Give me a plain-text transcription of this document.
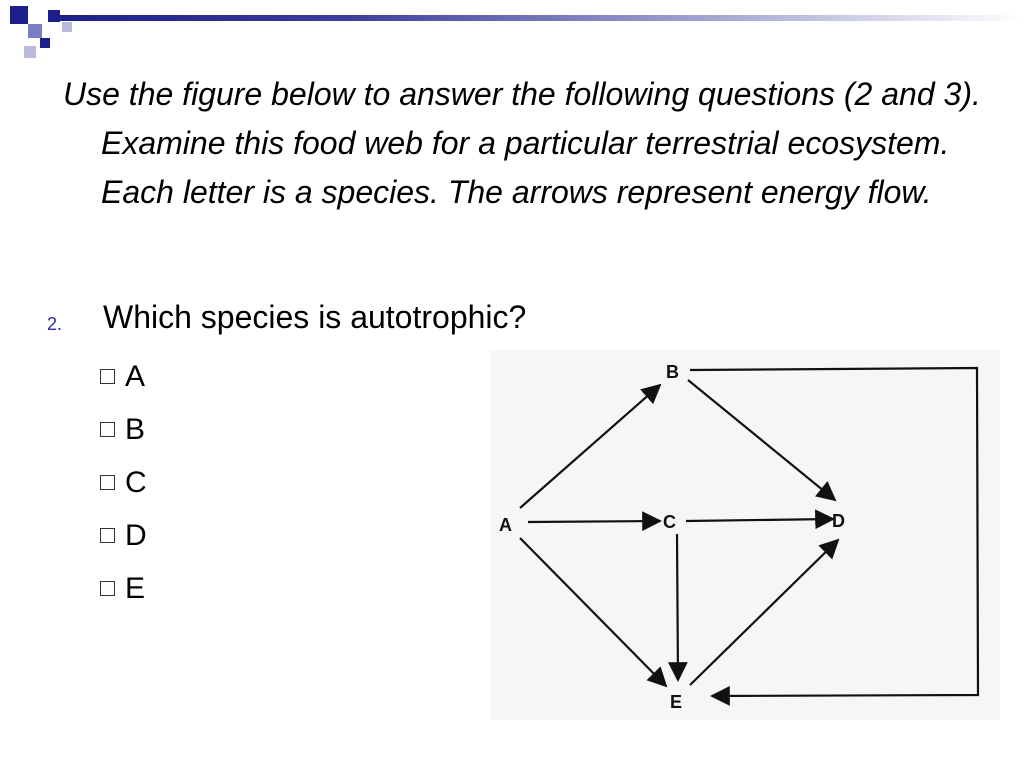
Use the figure below to answer the following questions (2 and 3). Examine this food web for a particular terrestrial ecosystem. Each letter is a species. The arrows represent energy flow.
2. Which species is autotrophic?
A
B
C
D
E
A
B
C	D
E
